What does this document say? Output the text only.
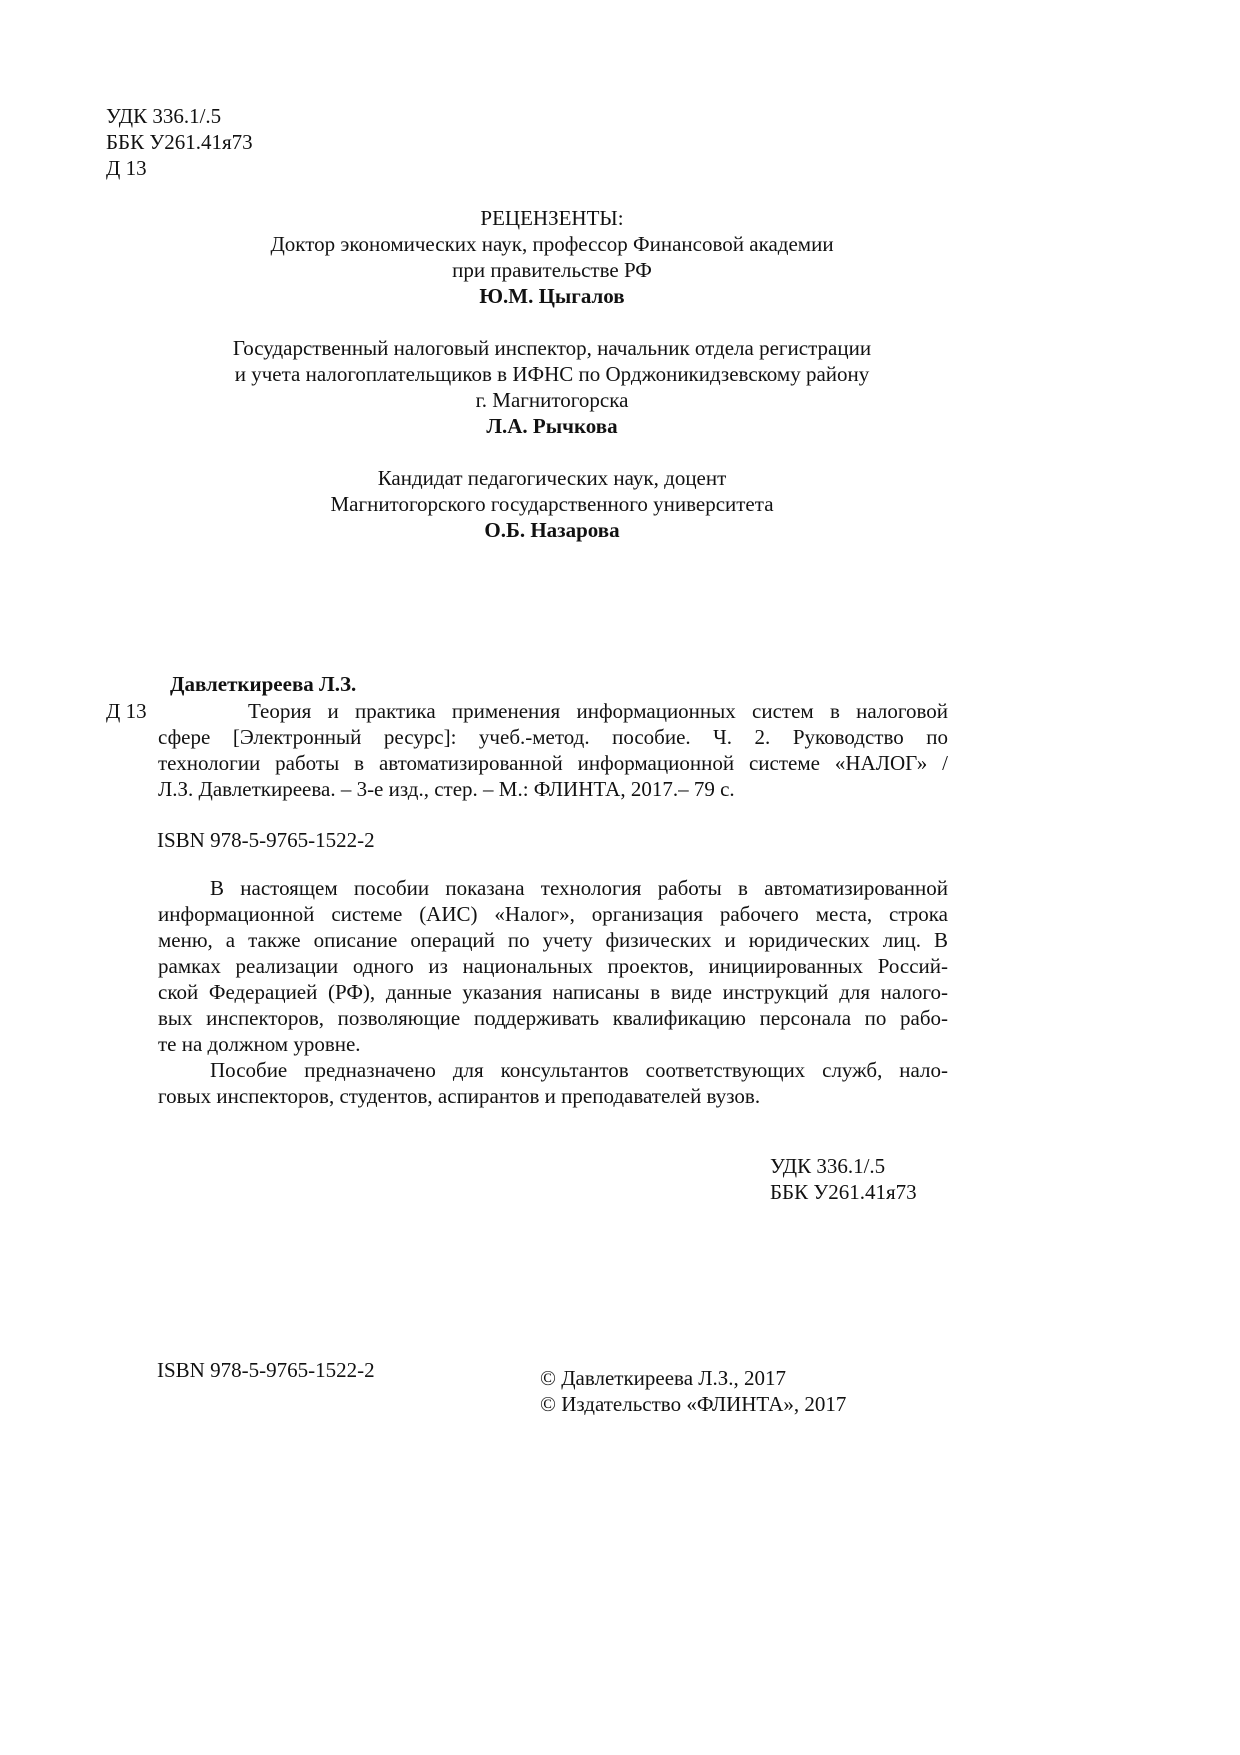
УДК 336.1/.5
ББК У261.41я73
Д 13
РЕЦЕНЗЕНТЫ:
Доктор экономических наук, профессор Финансовой академии
при правительстве РФ
Ю.М. Цыгалов
Государственный налоговый инспектор, начальник отдела регистрации
и учета налогоплательщиков в ИФНС по Орджоникидзевскому району
г. Магнитогорска
Л.А. Рычкова
Кандидат педагогических наук, доцент
Магнитогорского государственного университета
О.Б. Назарова
Давлеткиреева Л.З.
Д 13	Теория и практика применения информационных систем в налоговой
сфере [Электронный ресурс]: учеб.-метод. пособие. Ч. 2. Руководство по
технологии работы в автоматизированной информационной системе «НАЛОГ» /
Л.З. Давлеткиреева. – 3-е изд., стер. – М.: ФЛИНТА, 2017.– 79 с.
ISBN 978-5-9765-1522-2
В настоящем пособии показана технология работы в автоматизированной
информационной системе (АИС) «Налог», организация рабочего места, строка
меню, а также описание операций по учету физических и юридических лиц. В
рамках реализации одного из национальных проектов, инициированных Россий-
ской Федерацией (РФ), данные указания написаны в виде инструкций для налого-
вых инспекторов, позволяющие поддерживать квалификацию персонала по рабо-
те на должном уровне.
Пособие предназначено для консультантов соответствующих служб, нало-
говых инспекторов, студентов, аспирантов и преподавателей вузов.
УДК 336.1/.5
ББК У261.41я73
ISBN 978-5-9765-1522-2	© Давлеткиреева Л.З., 2017
© Издательство «ФЛИНТА», 2017
